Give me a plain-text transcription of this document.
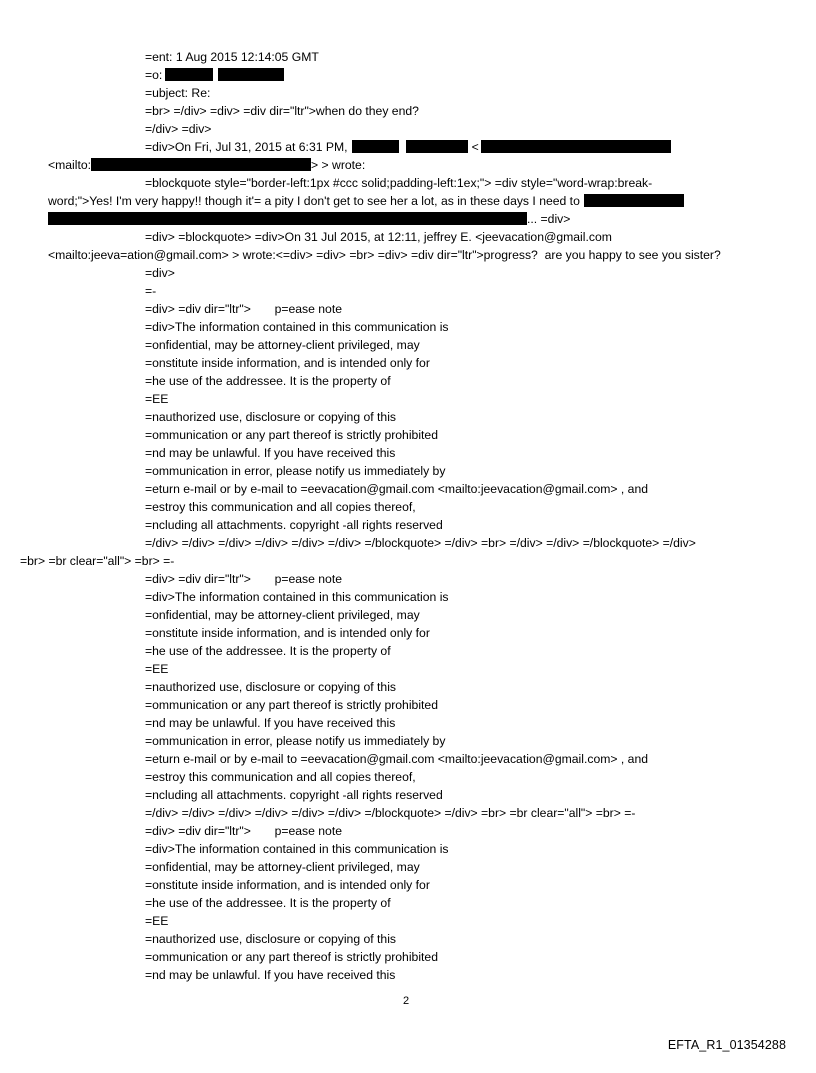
=ent: 1 Aug 2015 12:14:05 GMT
=o:
=ubject: Re:
=br> =/div> =div> =div dir="ltr">when do they end?
=/div> =div>
=div>On Fri, Jul 31, 2015 at 6:31 PM,	<
<mailto:	> > wrote:
=blockquote style="border-left:1px #ccc solid;padding-left:1ex;"> =div style="word-wrap:break-
word;">Yes! I'm very happy!! though it'= a pity I don't get to see her a lot, as in these days I need to
... =div>
=div> =blockquote> =div>On 31 Jul 2015, at 12:11, jeffrey E. <jeevacation@gmail.com
<mailto:jeeva=ation@gmail.com> > wrote:<=div> =div> =br> =div> =div dir="ltr">progress?  are you happy to see you sister?
=div>
=-
=div> =div dir="ltr">       p=ease note
=div>The information contained in this communication is
=onfidential, may be attorney-client privileged, may
=onstitute inside information, and is intended only for
=he use of the addressee. It is the property of
=EE
=nauthorized use, disclosure or copying of this
=ommunication or any part thereof is strictly prohibited
=nd may be unlawful. If you have received this
=ommunication in error, please notify us immediately by
=eturn e-mail or by e-mail to =eevacation@gmail.com <mailto:jeevacation@gmail.com> , and
=estroy this communication and all copies thereof,
=ncluding all attachments. copyright -all rights reserved
=/div> =/div> =/div> =/div> =/div> =/div> =/blockquote> =/div> =br> =/div> =/div> =/blockquote> =/div>
=br> =br clear="all"> =br> =-
=div> =div dir="ltr">       p=ease note
=div>The information contained in this communication is
=onfidential, may be attorney-client privileged, may
=onstitute inside information, and is intended only for
=he use of the addressee. It is the property of
=EE
=nauthorized use, disclosure or copying of this
=ommunication or any part thereof is strictly prohibited
=nd may be unlawful. If you have received this
=ommunication in error, please notify us immediately by
=eturn e-mail or by e-mail to =eevacation@gmail.com <mailto:jeevacation@gmail.com> , and
=estroy this communication and all copies thereof,
=ncluding all attachments. copyright -all rights reserved
=/div> =/div> =/div> =/div> =/div> =/div> =/blockquote> =/div> =br> =br clear="all"> =br> =-
=div> =div dir="ltr">       p=ease note
=div>The information contained in this communication is
=onfidential, may be attorney-client privileged, may
=onstitute inside information, and is intended only for
=he use of the addressee. It is the property of
=EE
=nauthorized use, disclosure or copying of this
=ommunication or any part thereof is strictly prohibited
=nd may be unlawful. If you have received this
2
EFTA_R1_01354288
